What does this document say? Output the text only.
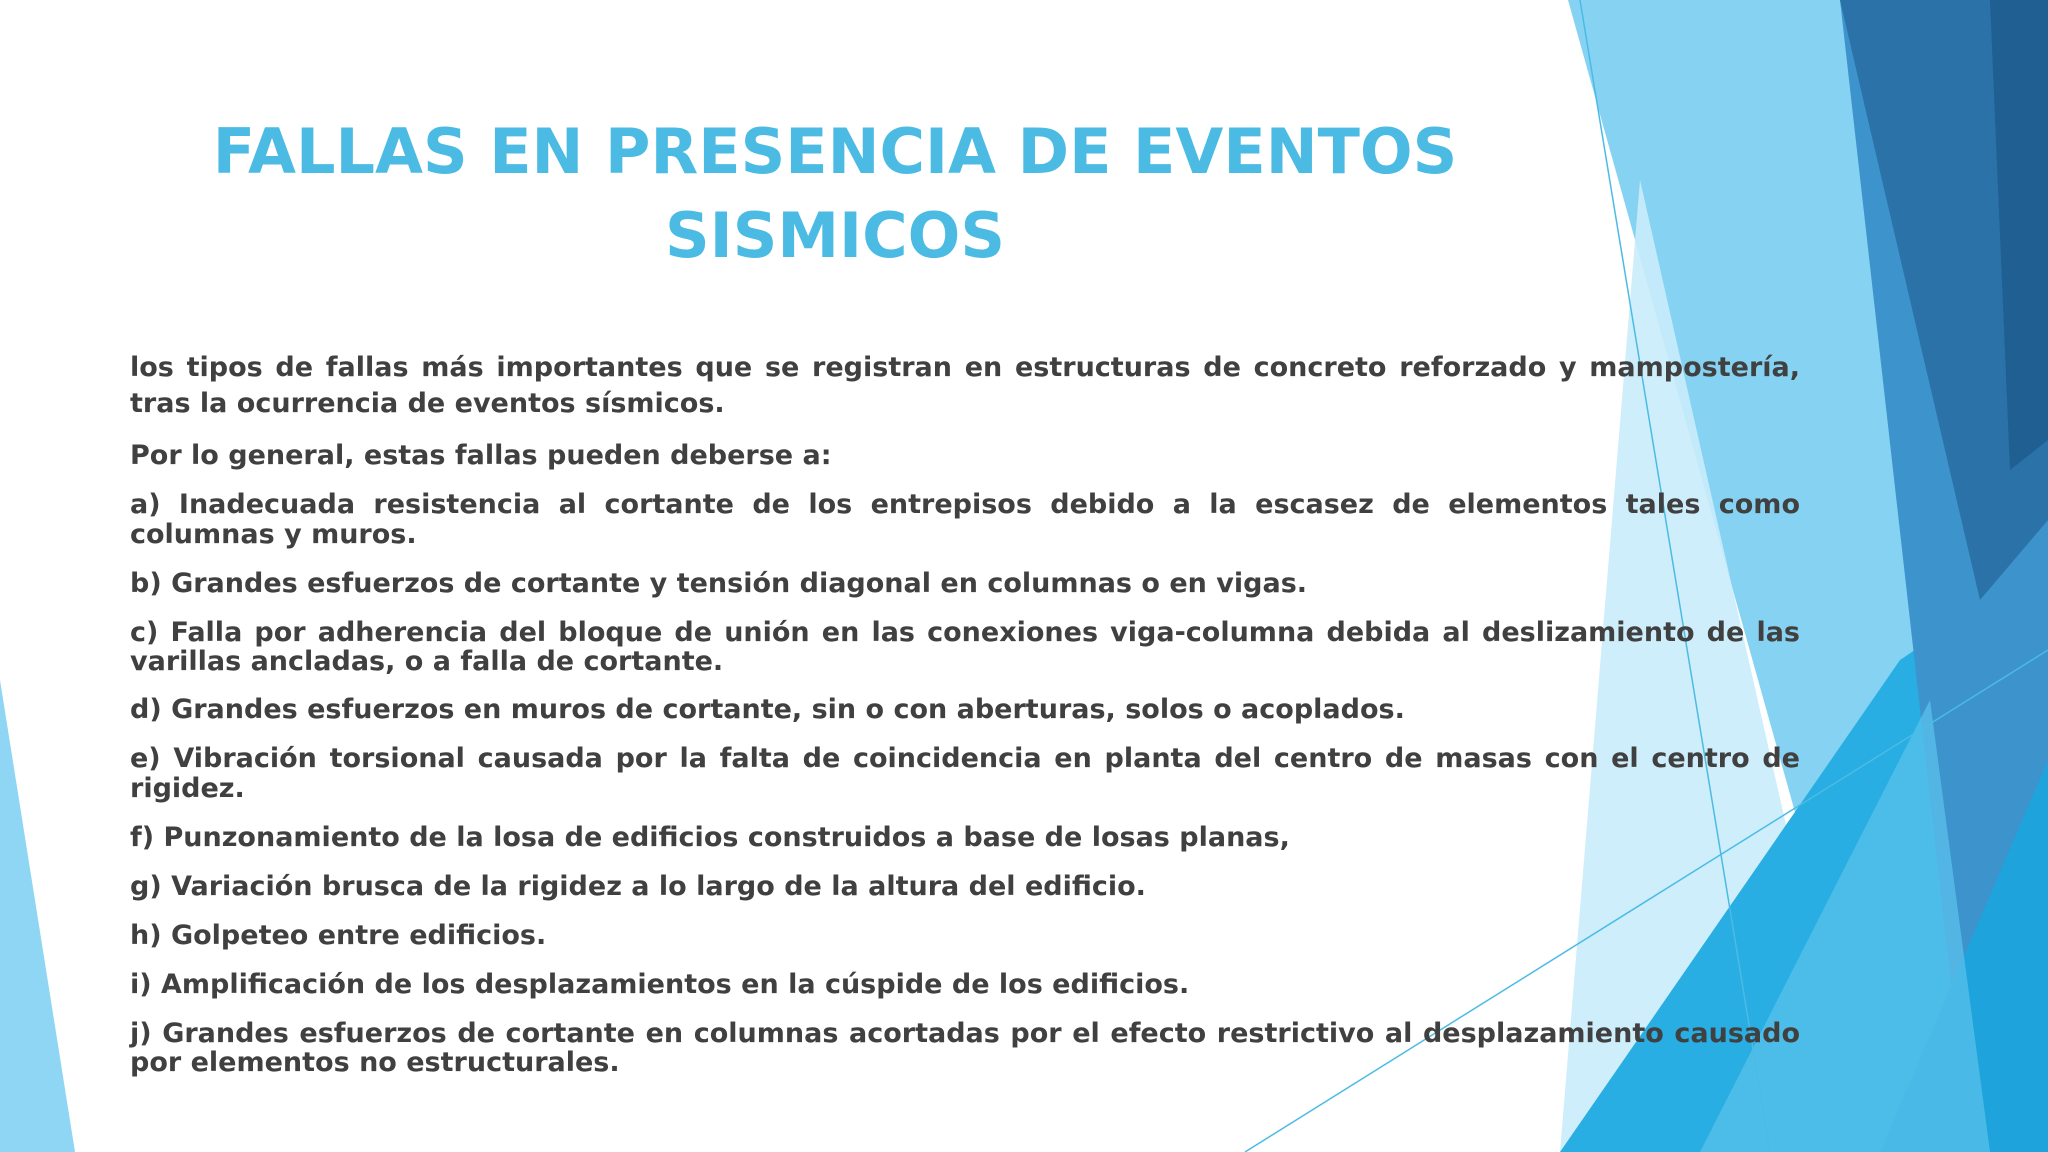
FALLAS EN PRESENCIA DE EVENTOS
SISMICOS

los tipos de fallas más importantes que se registran en estructuras de concreto reforzado y mampostería, tras la ocurrencia de eventos sísmicos.

Por lo general, estas fallas pueden deberse a:

a) Inadecuada resistencia al cortante de los entrepisos debido a la escasez de elementos tales como columnas y muros.

b) Grandes esfuerzos de cortante y tensión diagonal en columnas o en vigas.

c) Falla por adherencia del bloque de unión en las conexiones viga-columna debida al deslizamiento de las varillas ancladas, o a falla de cortante.

d) Grandes esfuerzos en muros de cortante, sin o con aberturas, solos o acoplados.

e) Vibración torsional causada por la falta de coincidencia en planta del centro de masas con el centro de rigidez.

f) Punzonamiento de la losa de edificios construidos a base de losas planas,

g) Variación brusca de la rigidez a lo largo de la altura del edificio.

h) Golpeteo entre edificios.

i) Amplificación de los desplazamientos en la cúspide de los edificios.

j) Grandes esfuerzos de cortante en columnas acortadas por el efecto restrictivo al desplazamiento causado por elementos no estructurales.
